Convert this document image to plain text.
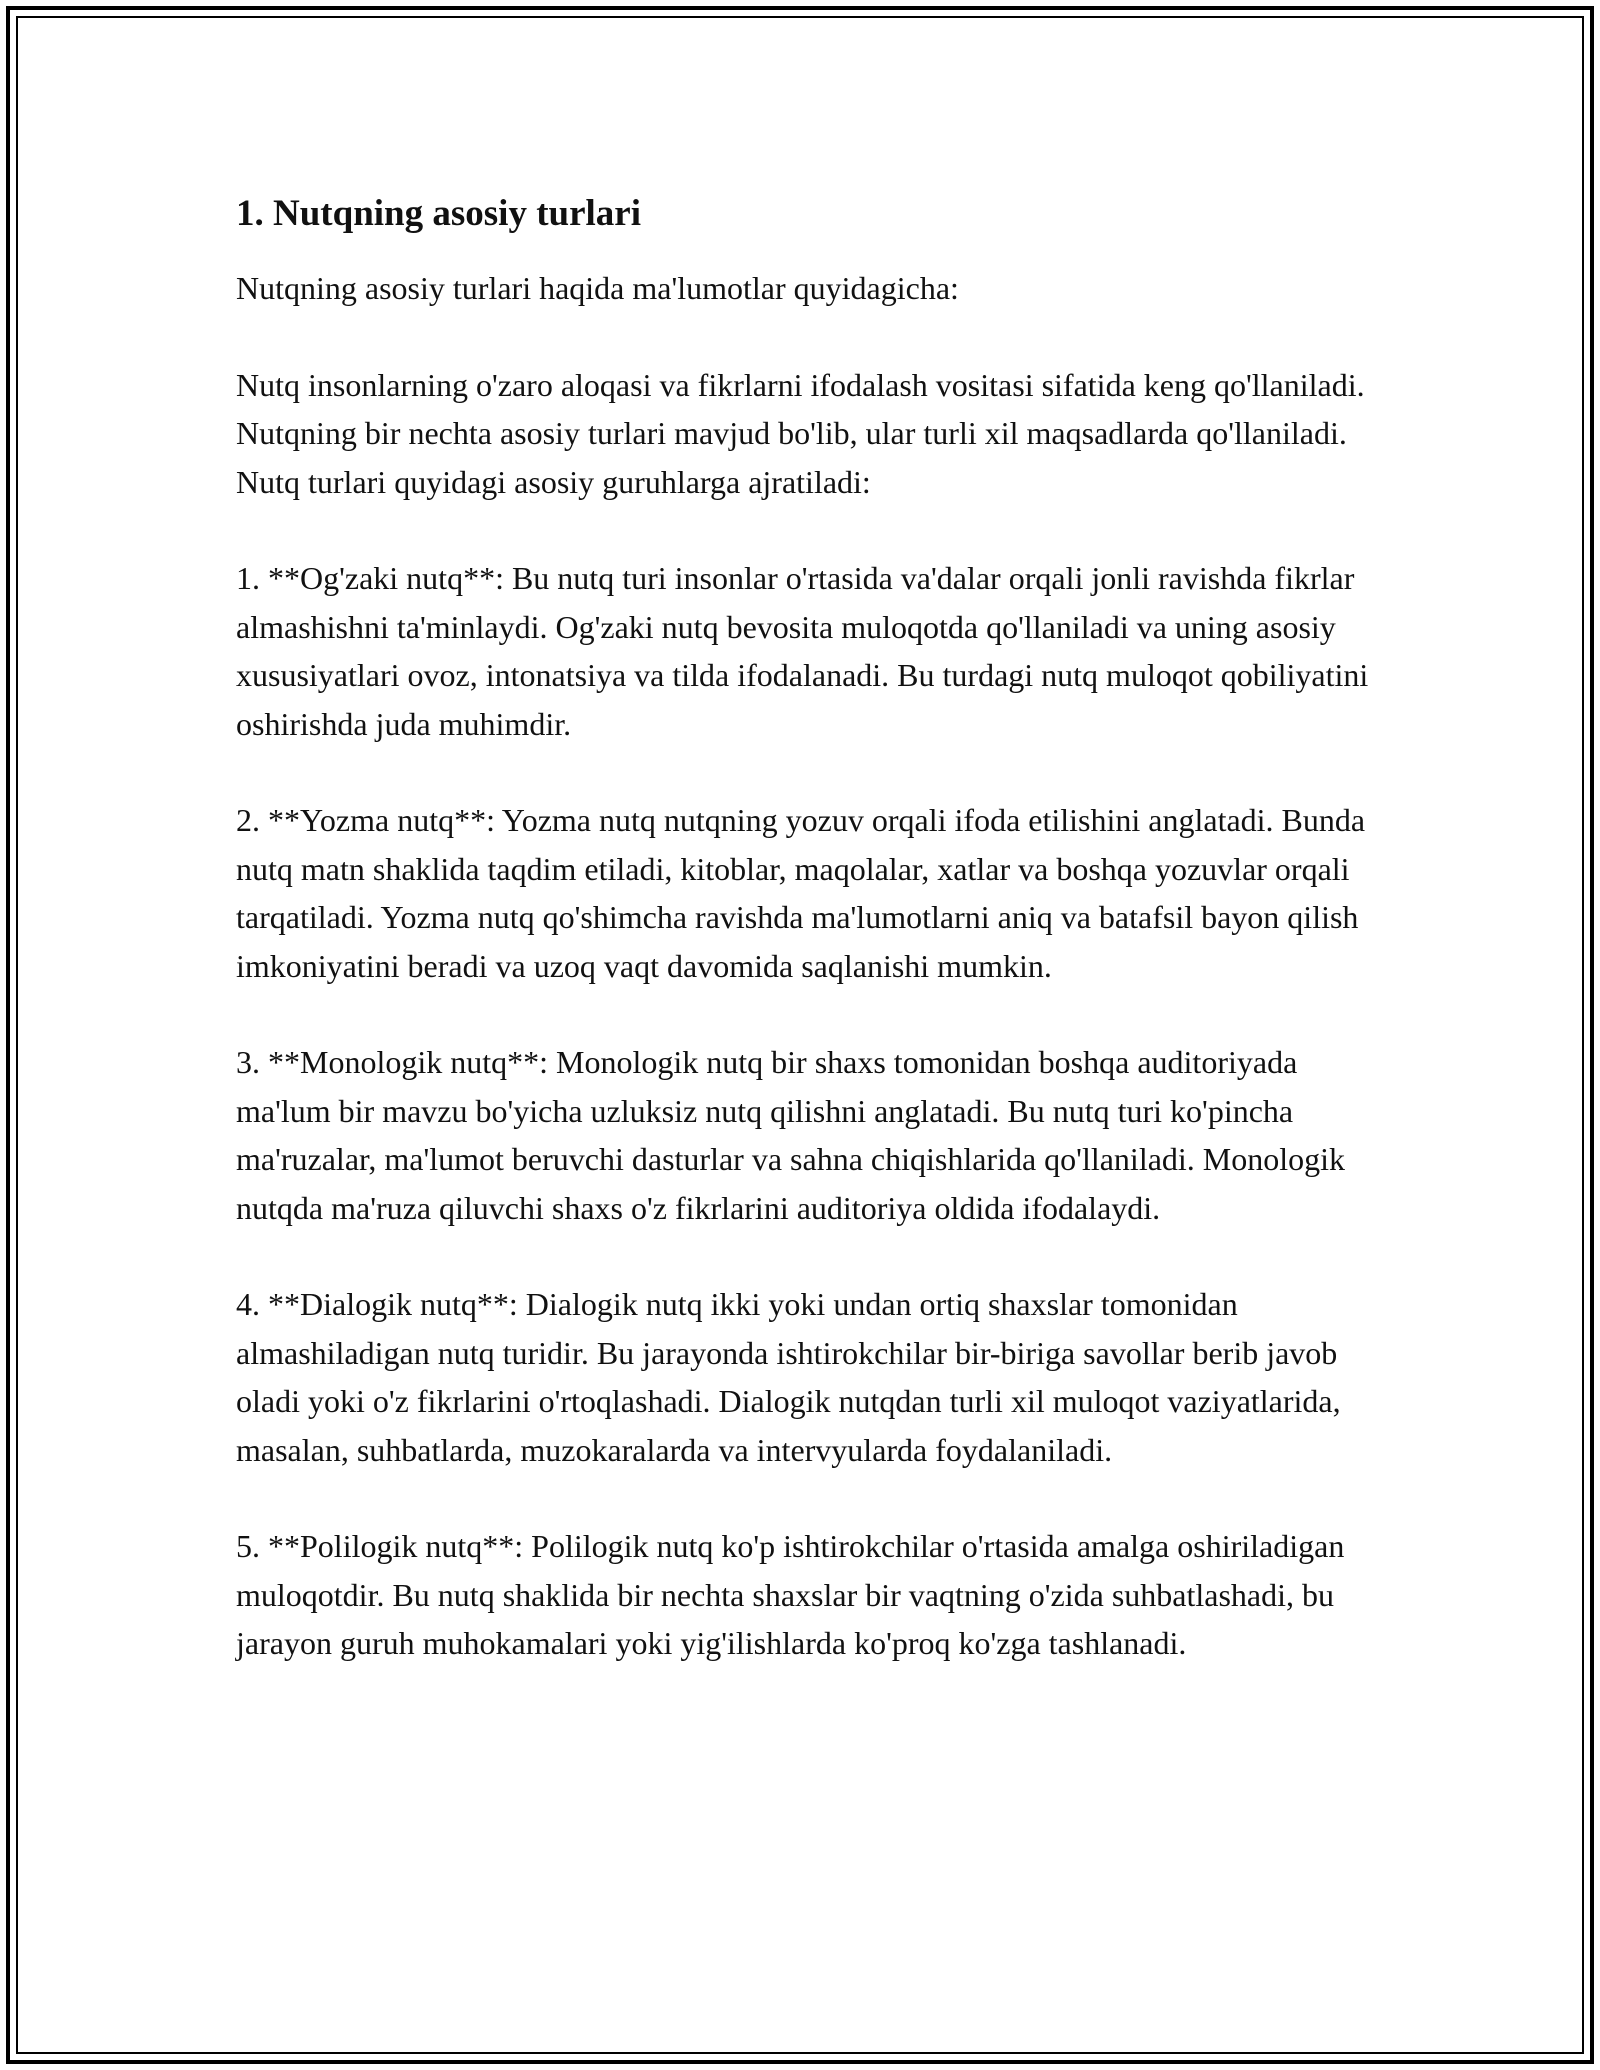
1. Nutqning asosiy turlari

Nutqning asosiy turlari haqida ma'lumotlar quyidagicha:

Nutq insonlarning o'zaro aloqasi va fikrlarni ifodalash vositasi sifatida keng qo'llaniladi. Nutqning bir nechta asosiy turlari mavjud bo'lib, ular turli xil maqsadlarda qo'llaniladi. Nutq turlari quyidagi asosiy guruhlarga ajratiladi:

1. **Og'zaki nutq**: Bu nutq turi insonlar o'rtasida va'dalar orqali jonli ravishda fikrlar almashishni ta'minlaydi. Og'zaki nutq bevosita muloqotda qo'llaniladi va uning asosiy xususiyatlari ovoz, intonatsiya va tilda ifodalanadi. Bu turdagi nutq muloqot qobiliyatini oshirishda juda muhimdir.

2. **Yozma nutq**: Yozma nutq nutqning yozuv orqali ifoda etilishini anglatadi. Bunda nutq matn shaklida taqdim etiladi, kitoblar, maqolalar, xatlar va boshqa yozuvlar orqali tarqatiladi. Yozma nutq qo'shimcha ravishda ma'lumotlarni aniq va batafsil bayon qilish imkoniyatini beradi va uzoq vaqt davomida saqlanishi mumkin.

3. **Monologik nutq**: Monologik nutq bir shaxs tomonidan boshqa auditoriyada ma'lum bir mavzu bo'yicha uzluksiz nutq qilishni anglatadi. Bu nutq turi ko'pincha ma'ruzalar, ma'lumot beruvchi dasturlar va sahna chiqishlarida qo'llaniladi. Monologik nutqda ma'ruza qiluvchi shaxs o'z fikrlarini auditoriya oldida ifodalaydi.

4. **Dialogik nutq**: Dialogik nutq ikki yoki undan ortiq shaxslar tomonidan almashiladigan nutq turidir. Bu jarayonda ishtirokchilar bir-biriga savollar berib javob oladi yoki o'z fikrlarini o'rtoqlashadi. Dialogik nutqdan turli xil muloqot vaziyatlarida, masalan, suhbatlarda, muzokaralarda va intervyularda foydalaniladi.

5. **Polilogik nutq**: Polilogik nutq ko'p ishtirokchilar o'rtasida amalga oshiriladigan muloqotdir. Bu nutq shaklida bir nechta shaxslar bir vaqtning o'zida suhbatlashadi, bu jarayon guruh muhokamalari yoki yig'ilishlarda ko'proq ko'zga tashlanadi.
